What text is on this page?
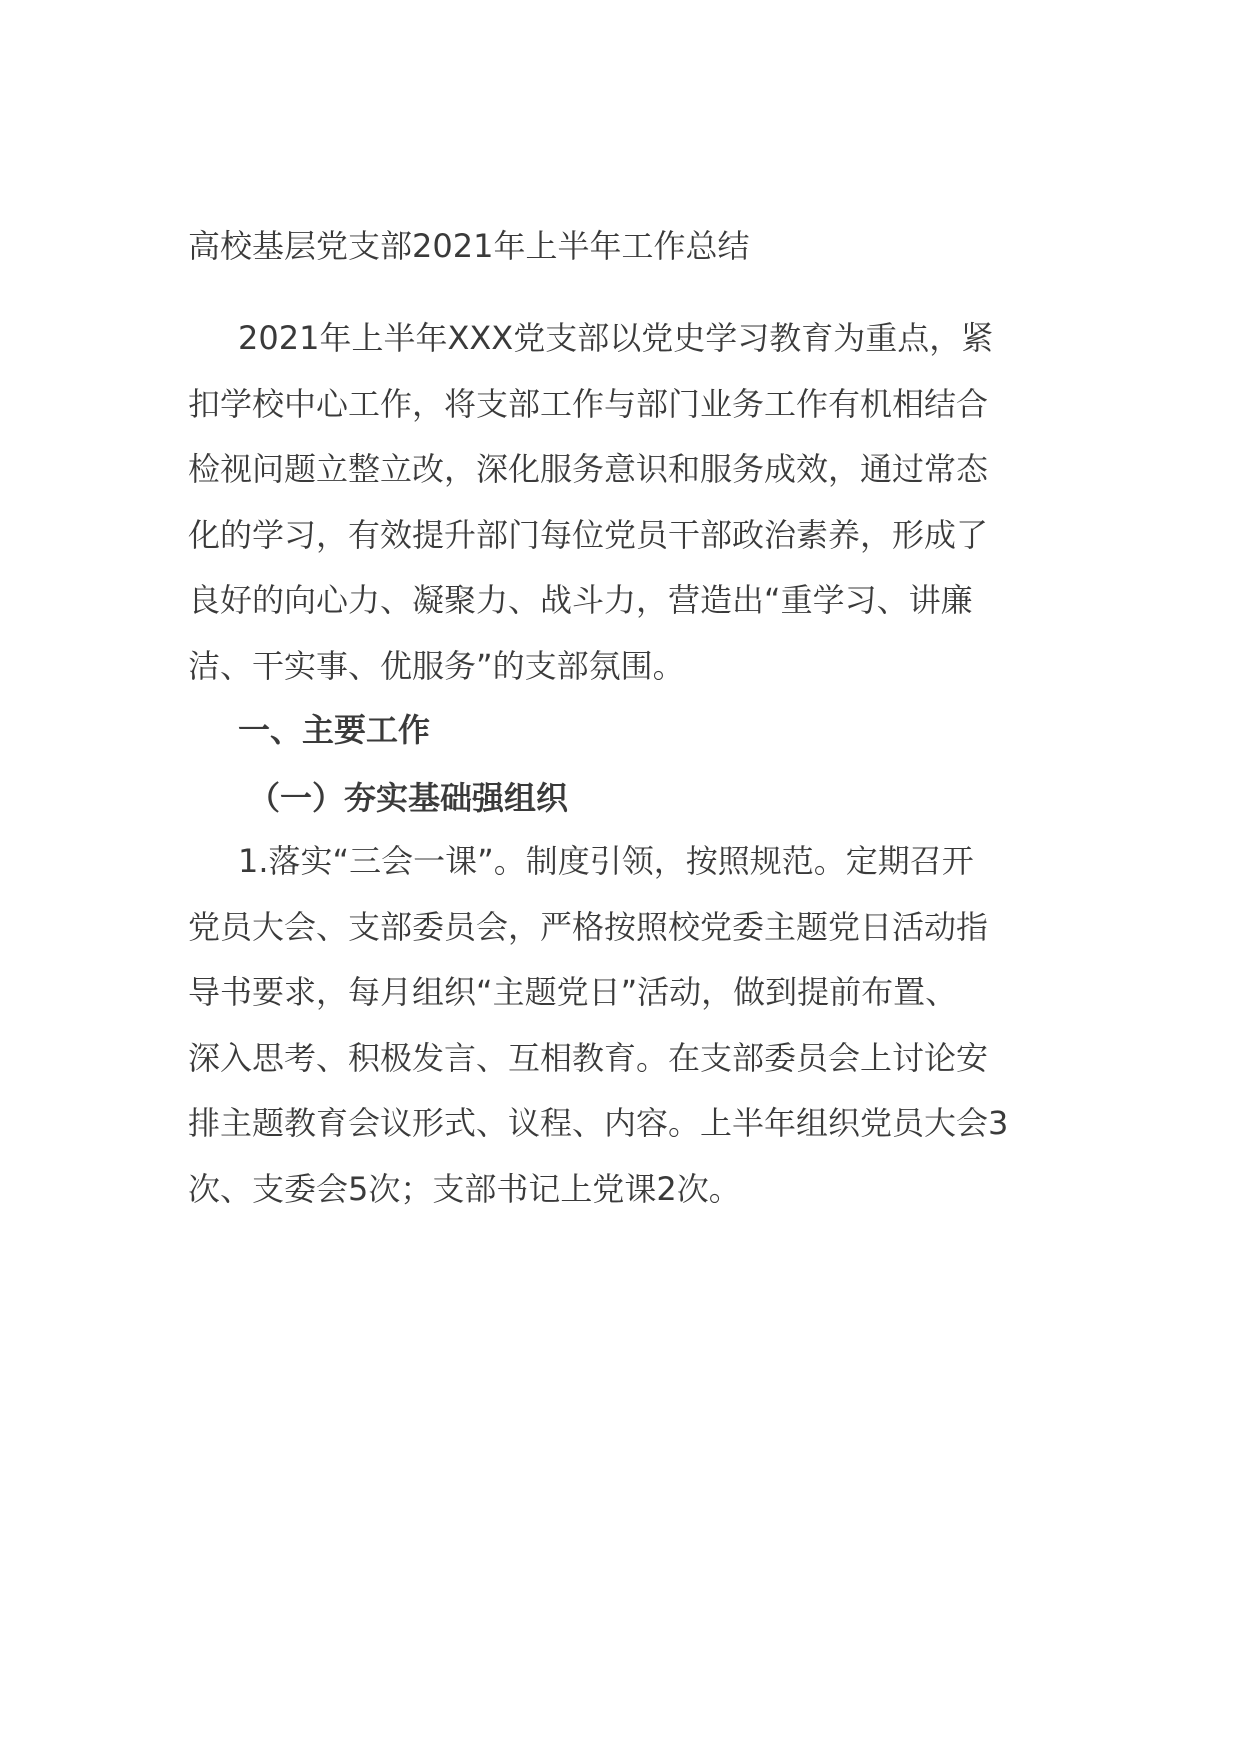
高校基层党支部2021年上半年工作总结
2021年上半年XXX党支部以党史学习教育为重点，紧
扣学校中心工作，将支部工作与部门业务工作有机相结合
检视问题立整立改，深化服务意识和服务成效，通过常态
化的学习，有效提升部门每位党员干部政治素养，形成了
良好的向心力、凝聚力、战斗力，营造出“重学习、讲廉
洁、干实事、优服务”的支部氛围。
一、主要工作
（一）夯实基础强组织
1.落实“三会一课”。制度引领，按照规范。定期召开
党员大会、支部委员会，严格按照校党委主题党日活动指
导书要求，每月组织“主题党日”活动，做到提前布置、
深入思考、积极发言、互相教育。在支部委员会上讨论安
排主题教育会议形式、议程、内容。上半年组织党员大会3
次、支委会5次；支部书记上党课2次。
